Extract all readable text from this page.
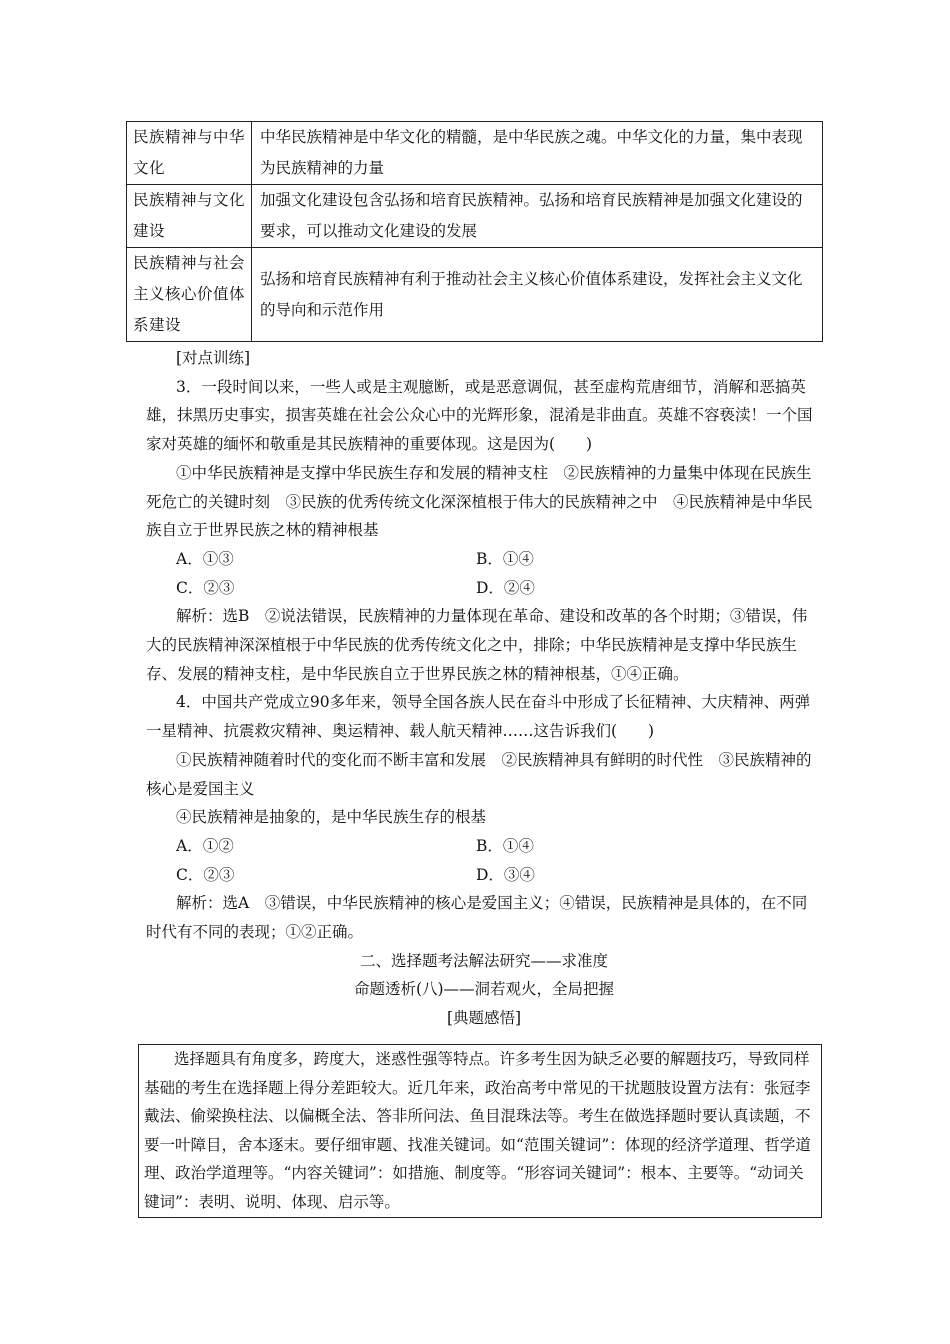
民族精神与中华文化	中华民族精神是中华文化的精髓，是中华民族之魂。中华文化的力量，集中表现为民族精神的力量
民族精神与文化建设	加强文化建设包含弘扬和培育民族精神。弘扬和培育民族精神是加强文化建设的要求，可以推动文化建设的发展
民族精神与社会主义核心价值体系建设	弘扬和培育民族精神有利于推动社会主义核心价值体系建设，发挥社会主义文化的导向和示范作用

[对点训练]

3．一段时间以来，一些人或是主观臆断，或是恶意调侃，甚至虚构荒唐细节，消解和恶搞英雄，抹黑历史事实，损害英雄在社会公众心中的光辉形象，混淆是非曲直。英雄不容亵渎！一个国家对英雄的缅怀和敬重是其民族精神的重要体现。这是因为(　　)

①中华民族精神是支撑中华民族生存和发展的精神支柱　②民族精神的力量集中体现在民族生死危亡的关键时刻　③民族的优秀传统文化深深植根于伟大的民族精神之中　④民族精神是中华民族自立于世界民族之林的精神根基

A．①③	B．①④
C．②③	D．②④

解析：选B　②说法错误，民族精神的力量体现在革命、建设和改革的各个时期；③错误，伟大的民族精神深深植根于中华民族的优秀传统文化之中，排除；中华民族精神是支撑中华民族生存、发展的精神支柱，是中华民族自立于世界民族之林的精神根基，①④正确。

4．中国共产党成立90多年来，领导全国各族人民在奋斗中形成了长征精神、大庆精神、两弹一星精神、抗震救灾精神、奥运精神、载人航天精神……这告诉我们(　　)

①民族精神随着时代的变化而不断丰富和发展　②民族精神具有鲜明的时代性　③民族精神的核心是爱国主义

④民族精神是抽象的，是中华民族生存的根基

A．①②	B．①④
C．②③	D．③④

解析：选A　③错误，中华民族精神的核心是爱国主义；④错误，民族精神是具体的，在不同时代有不同的表现；①②正确。

二、选择题考法解法研究——求准度

命题透析(八)——洞若观火，全局把握

[典题感悟]

选择题具有角度多，跨度大，迷惑性强等特点。许多考生因为缺乏必要的解题技巧，导致同样基础的考生在选择题上得分差距较大。近几年来，政治高考中常见的干扰题肢设置方法有：张冠李戴法、偷梁换柱法、以偏概全法、答非所问法、鱼目混珠法等。考生在做选择题时要认真读题，不要一叶障目，舍本逐末。要仔细审题、找准关键词。如“范围关键词”：体现的经济学道理、哲学道理、政治学道理等。“内容关键词”：如措施、制度等。“形容词关键词”：根本、主要等。“动词关键词”：表明、说明、体现、启示等。
